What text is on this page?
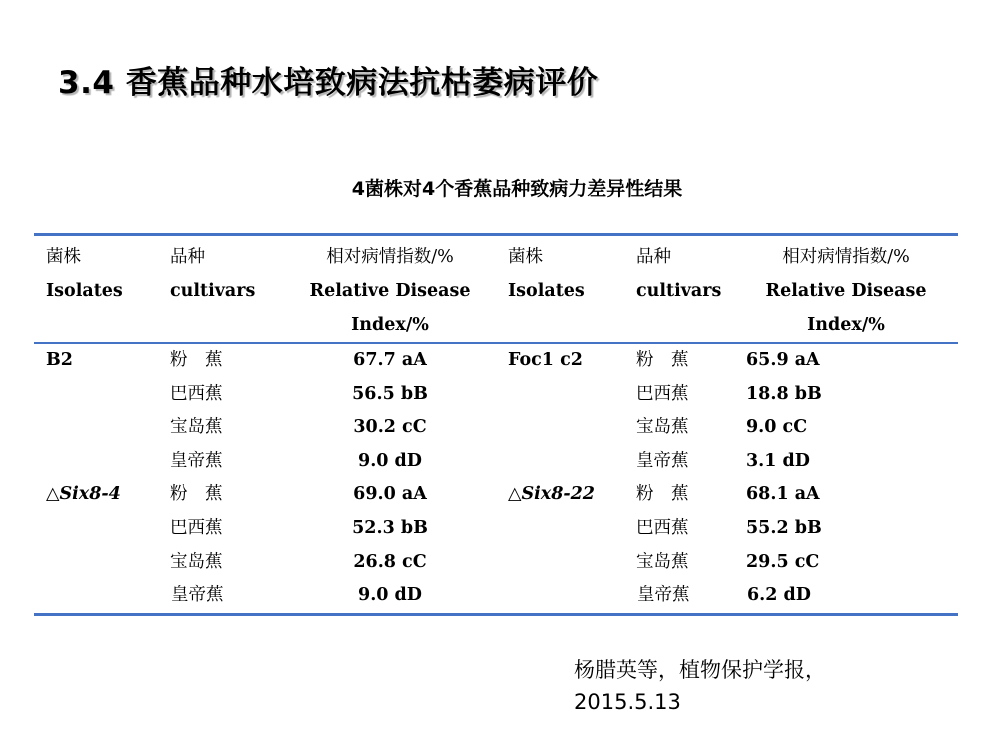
3.4 香蕉品种水培致病法抗枯萎病评价
4菌株对4个香蕉品种致病力差异性结果
菌株	品种	相对病情指数/%	菌株	品种	相对病情指数/%
Isolates	cultivars	Relative Disease	Isolates	cultivars	Relative Disease
		Index/%			Index/%
B2	粉　蕉	67.7 aA	Foc1 c2	粉　蕉	65.9 aA
	巴西蕉	56.5 bB		巴西蕉	18.8 bB
	宝岛蕉	30.2 cC		宝岛蕉	9.0 cC
	皇帝蕉	9.0 dD		皇帝蕉	3.1 dD
△Six8-4	粉　蕉	69.0 aA	△Six8-22	粉　蕉	68.1 aA
	巴西蕉	52.3 bB		巴西蕉	55.2 bB
	宝岛蕉	26.8 cC		宝岛蕉	29.5 cC
	皇帝蕉	9.0 dD		皇帝蕉	6.2 dD
杨腊英等，植物保护学报，
2015.5.13
